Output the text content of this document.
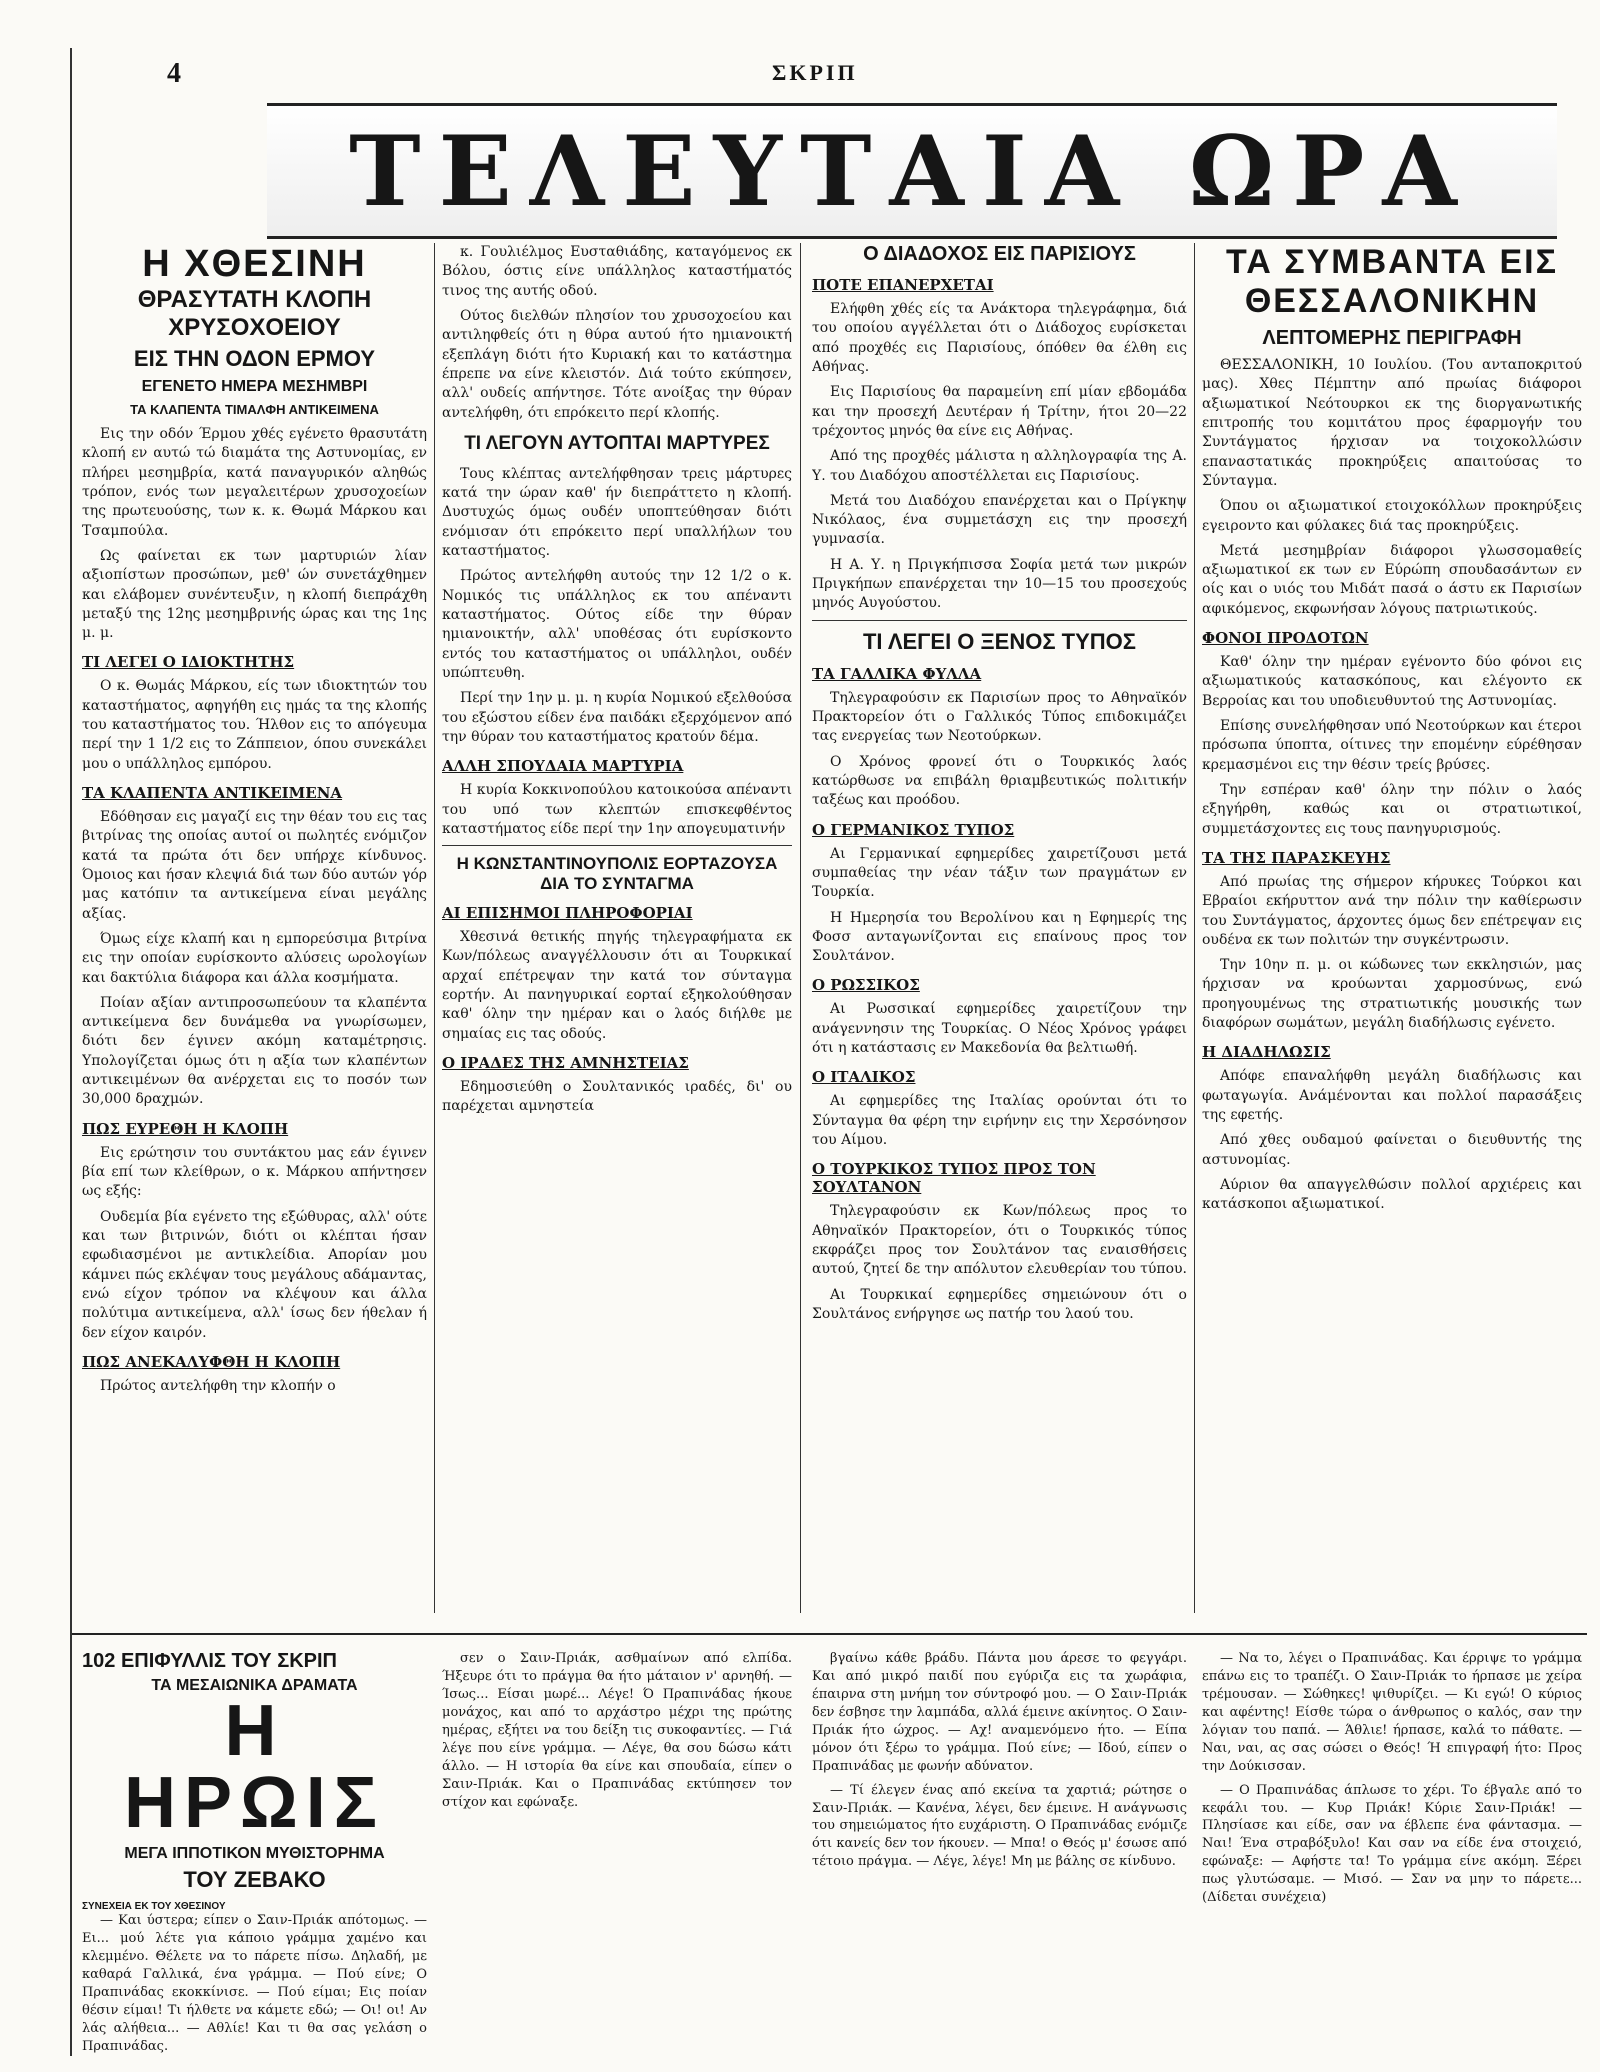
4	ΣΚΡΙΠ
ΤΕΛΕΥΤΑΙΑ ΩΡΑ
Η ΧΘΕΣΙΝΗ
ΘΡΑΣΥΤΑΤΗ ΚΛΟΠΗ ΧΡΥΣΟΧΟΕΙΟΥ
ΕΙΣ ΤΗΝ ΟΔΟΝ ΕΡΜΟΥ
ΕΓΕΝΕΤΟ ΗΜΕΡΑ ΜΕΣΗΜΒΡΙ
ΤΑ ΚΛΑΠΕΝΤΑ ΤΙΜΑΛΦΗ ΑΝΤΙΚΕΙΜΕΝΑ

Εις την οδόν Έρμου χθές εγένετο θρασυτάτη κλοπή εν αυτώ τώ διαμάτα της Αστυνομίας, εν πλήρει μεσημβρία, κατά παναγυρικόν αληθώς τρόπον, ενός των μεγαλειτέρων χρυσοχοείων της πρωτευούσης, των κ. κ. Θωμά Μάρκου και Τσαμπούλα.

Ως φαίνεται εκ των μαρτυριών λίαν αξιοπίστων προσώπων, μεθ' ών συνετάχθημεν και ελάβομεν συνέντευξιν, η κλοπή διεπράχθη μεταξύ της 12ης μεσημβρινής ώρας και της 1ης μ. μ.

ΤΙ ΛΕΓΕΙ Ο ΙΔΙΟΚΤΗΤΗΣ

Ο κ. Θωμάς Μάρκου, είς των ιδιοκτητών του καταστήματος, αφηγήθη εις ημάς τα της κλοπής του καταστήματος του. Ήλθον εις το απόγευμα περί την 1 1/2 εις το Ζάππειον, όπου συνεκάλει μου ο υπάλληλος εμπόρου.

ΤΑ ΚΛΑΠΕΝΤΑ ΑΝΤΙΚΕΙΜΕΝΑ

Εδόθησαν εις μαγαζί εις την θέαν του εις τας βιτρίνας της οποίας αυτοί οι πωλητές ενόμιζον κατά τα πρώτα ότι δεν υπήρχε κίνδυνος. Όμοιος και ήσαν κλεψιά διά των δύο αυτών γόρ μας κατόπιν τα αντικείμενα είναι μεγάλης αξίας.

Όμως είχε κλαπή και η εμπορεύσιμα βιτρίνα εις την οποίαν ευρίσκοντο αλύσεις ωρολογίων και δακτύλια διάφορα και άλλα κοσμήματα.

Ποίαν αξίαν αντιπροσωπεύουν τα κλαπέντα αντικείμενα δεν δυνάμεθα να γνωρίσωμεν, διότι δεν έγινεν ακόμη καταμέτρησις. Υπολογίζεται όμως ότι η αξία των κλαπέντων αντικειμένων θα ανέρχεται εις το ποσόν των 30,000 δραχμών.

ΠΩΣ ΕΥΡΕΘΗ Η ΚΛΟΠΗ

Εις ερώτησιν του συντάκτου μας εάν έγινεν βία επί των κλείθρων, ο κ. Μάρκου απήντησεν ως εξής:

Ουδεμία βία εγένετο της εξώθυρας, αλλ' ούτε και των βιτρινών, διότι οι κλέπται ήσαν εφωδιασμένοι με αντικλείδια. Απορίαν μου κάμνει πώς εκλέψαν τους μεγάλους αδάμαντας, ενώ είχον τρόπον να κλέψουν και άλλα πολύτιμα αντικείμενα, αλλ' ίσως δεν ήθελαν ή δεν είχον καιρόν.

ΠΩΣ ΑΝΕΚΑΛΥΦΘΗ Η ΚΛΟΠΗ

Πρώτος αντελήφθη την κλοπήν ο

κ. Γουλιέλμος Ευσταθιάδης, καταγόμενος εκ Βόλου, όστις είνε υπάλληλος καταστήματός τινος της αυτής οδού.

Ούτος διελθών πλησίον του χρυσοχοείου και αντιληφθείς ότι η θύρα αυτού ήτο ημιανοικτή εξεπλάγη διότι ήτο Κυριακή και το κατάστημα έπρεπε να είνε κλειστόν. Διά τούτο εκύπησεν, αλλ' ουδείς απήντησε. Τότε ανοίξας την θύραν αντελήφθη, ότι επρόκειτο περί κλοπής.

ΤΙ ΛΕΓΟΥΝ ΑΥΤΟΠΤΑΙ ΜΑΡΤΥΡΕΣ

Τους κλέπτας αντελήφθησαν τρεις μάρτυρες κατά την ώραν καθ' ήν διεπράττετο η κλοπή. Δυστυχώς όμως ουδέν υποπτεύθησαν διότι ενόμισαν ότι επρόκειτο περί υπαλλήλων του καταστήματος.

Πρώτος αντελήφθη αυτούς την 12 1/2 ο κ. Νομικός τις υπάλληλος εκ του απέναντι καταστήματος. Ούτος είδε την θύραν ημιανοικτήν, αλλ' υποθέσας ότι ευρίσκοντο εντός του καταστήματος οι υπάλληλοι, ουδέν υπώπτευθη.

Περί την 1ην μ. μ. η κυρία Νομικού εξελθούσα του εξώστου είδεν ένα παιδάκι εξερχόμενον από την θύραν του καταστήματος κρατούν δέμα.

ΑΛΛΗ ΣΠΟΥΔΑΙΑ ΜΑΡΤΥΡΙΑ

Η κυρία Κοκκινοπούλου κατοικούσα απέναντι του υπό των κλεπτών επισκεφθέντος καταστήματος είδε περί την 1ην απογευματινήν

Η ΚΩΝΣΤΑΝΤΙΝΟΥΠΟΛΙΣ ΕΟΡΤΑΖΟΥΣΑ ΔΙΑ ΤΟ ΣΥΝΤΑΓΜΑ
ΑΙ ΕΠΙΣΗΜΟΙ ΠΛΗΡΟΦΟΡΙΑΙ

Χθεσινά θετικής πηγής τηλεγραφήματα εκ Κων/πόλεως αναγγέλλουσιν ότι αι Τουρκικαί αρχαί επέτρεψαν την κατά τον σύνταγμα εορτήν. Αι πανηγυρικαί εορταί εξηκολούθησαν καθ' όλην την ημέραν και ο λαός διήλθε με σημαίας εις τας οδούς.

Ο ΙΡΑΔΕΣ ΤΗΣ ΑΜΝΗΣΤΕΙΑΣ

Εδημοσιεύθη ο Σουλτανικός ιραδές, δι' ου παρέχεται αμνηστεία

Ο ΔΙΑΔΟΧΟΣ ΕΙΣ ΠΑΡΙΣΙΟΥΣ
ΠΟΤΕ ΕΠΑΝΕΡΧΕΤΑΙ

Ελήφθη χθές είς τα Ανάκτορα τηλεγράφημα, διά του οποίου αγγέλλεται ότι ο Διάδοχος ευρίσκεται από προχθές εις Παρισίους, όπόθεν θα έλθη εις Αθήνας.

Εις Παρισίους θα παραμείνη επί μίαν εβδομάδα και την προσεχή Δευτέραν ή Τρίτην, ήτοι 20—22 τρέχοντος μηνός θα είνε εις Αθήνας.

Από της προχθές μάλιστα η αλληλογραφία της Α. Υ. του Διαδόχου αποστέλλεται εις Παρισίους.

Μετά του Διαδόχου επανέρχεται και ο Πρίγκηψ Νικόλαος, ένα συμμετάσχη εις την προσεχή γυμνασία.

Η Α. Υ. η Πριγκήπισσα Σοφία μετά των μικρών Πριγκήπων επανέρχεται την 10—15 του προσεχούς μηνός Αυγούστου.

ΤΙ ΛΕΓΕΙ Ο ΞΕΝΟΣ ΤΥΠΟΣ
ΤΑ ΓΑΛΛΙΚΑ ΦΥΛΛΑ

Τηλεγραφούσιν εκ Παρισίων προς το Αθηναϊκόν Πρακτορείον ότι ο Γαλλικός Τύπος επιδοκιμάζει τας ενεργείας των Νεοτούρκων.

Ο Χρόνος φρονεί ότι ο Τουρκικός λαός κατώρθωσε να επιβάλη θριαμβευτικώς πολιτικήν ταξέως και προόδου.

Ο ΓΕΡΜΑΝΙΚΟΣ ΤΥΠΟΣ

Αι Γερμανικαί εφημερίδες χαιρετίζουσι μετά συμπαθείας την νέαν τάξιν των πραγμάτων εν Τουρκία.

Η Ημερησία του Βερολίνου και η Εφημερίς της Φοσσ ανταγωνίζονται εις επαίνους προς τον Σουλτάνον.

Ο ΡΩΣΣΙΚΟΣ

Αι Ρωσσικαί εφημερίδες χαιρετίζουν την ανάγεννησιν της Τουρκίας. Ο Νέος Χρόνος γράφει ότι η κατάστασις εν Μακεδονία θα βελτιωθή.

Ο ΙΤΑΛΙΚΟΣ

Αι εφημερίδες της Ιταλίας ορούνται ότι το Σύνταγμα θα φέρη την ειρήνην εις την Χερσόνησον του Αίμου.

Ο ΤΟΥΡΚΙΚΟΣ ΤΥΠΟΣ ΠΡΟΣ ΤΟΝ ΣΟΥΛΤΑΝΟΝ

Τηλεγραφούσιν εκ Κων/πόλεως προς το Αθηναϊκόν Πρακτορείον, ότι ο Τουρκικός τύπος εκφράζει προς τον Σουλτάνον τας εναισθήσεις αυτού, ζητεί δε την απόλυτον ελευθερίαν του τύπου.

Αι Τουρκικαί εφημερίδες σημειώνουν ότι ο Σουλτάνος ενήργησε ως πατήρ του λαού του.

ΤΑ ΣΥΜΒΑΝΤΑ ΕΙΣ ΘΕΣΣΑΛΟΝΙΚΗΝ
ΛΕΠΤΟΜΕΡΗΣ ΠΕΡΙΓΡΑΦΗ

ΘΕΣΣΑΛΟΝΙΚΗ, 10 Ιουλίου. (Του ανταποκριτού μας). Χθες Πέμπτην από πρωίας διάφοροι αξιωματικοί Νεότουρκοι εκ της διοργανωτικής επιτροπής του κομιτάτου προς έφαρμογήν του Συντάγματος ήρχισαν να τοιχοκολλώσιν επαναστατικάς προκηρύξεις απαιτούσας το Σύνταγμα.

Όπου οι αξιωματικοί ετοιχοκόλλων προκηρύξεις εγειροντο και φύλακες διά τας προκηρύξεις.

Μετά μεσημβρίαν διάφοροι γλωσσομαθείς αξιωματικοί εκ των εν Εύρώπη σπουδασάντων εν οίς και ο υιός του Μιδάτ πασά ο άστυ εκ Παρισίων αφικόμενος, εκφωνήσαν λόγους πατριωτικούς.

ΦΟΝΟΙ ΠΡΟΔΟΤΩΝ

Καθ' όλην την ημέραν εγένοντο δύο φόνοι εις αξιωματικούς κατασκόπους, και ελέγοντο εκ Βερροίας και του υποδιευθυντού της Αστυνομίας.

Επίσης συνελήφθησαν υπό Νεοτούρκων και έτεροι πρόσωπα ύποπτα, οίτινες την επομένην εύρέθησαν κρεμασμένοι εις την θέσιν τρείς βρύσες.

Την εσπέραν καθ' όλην την πόλιν ο λαός εξηγήρθη, καθώς και οι στρατιωτικοί, συμμετάσχοντες εις τους πανηγυρισμούς.

ΤΑ ΤΗΣ ΠΑΡΑΣΚΕΥΗΣ

Από πρωίας της σήμερον κήρυκες Τούρκοι και Εβραίοι εκήρυττον ανά την πόλιν την καθίερωσιν του Συντάγματος, άρχοντες όμως δεν επέτρεψαν εις ουδένα εκ των πολιτών την συγκέντρωσιν.

Την 10ην π. μ. οι κώδωνες των εκκλησιών, μας ήρχισαν να κρούωνται χαρμοσύνως, ενώ προηγουμένως της στρατιωτικής μουσικής των διαφόρων σωμάτων, μεγάλη διαδήλωσις εγένετο.

Η ΔΙΑΔΗΛΩΣΙΣ

Απόφε επαναλήφθη μεγάλη διαδήλωσις και φωταγωγία. Ανάμένονται και πολλοί παρασάξεις της εφετής.

Από χθες ουδαμού φαίνεται ο διευθυντής της αστυνομίας.

Αύριον θα απαγγελθώσιν πολλοί αρχιέρεις και κατάσκοποι αξιωματικοί.

102 ΕΠΙΦΥΛΛΙΣ ΤΟΥ ΣΚΡΙΠ
ΤΑ ΜΕΣΑΙΩΝΙΚΑ ΔΡΑΜΑΤΑ
Η ΗΡΩΙΣ
ΜΕΓΑ ΙΠΠΟΤΙΚΟΝ ΜΥΘΙΣΤΟΡΗΜΑ
ΤΟΥ ΖΕΒΑΚΟ
ΣΥΝΕΧΕΙΑ ΕΚ ΤΟΥ ΧΘΕΣΙΝΟΥ

— Και ύστερα; είπεν ο Σαιν-Πριάκ απότομως. — Ει... μού λέτε για κάποιο γράμμα χαμένο και κλεμμένο. Θέλετε να το πάρετε πίσω. Δηλαδή, με καθαρά Γαλλικά, ένα γράμμα. — Πού είνε; Ο Πραπινάδας εκοκκίνισε. — Πού είμαι; Εις ποίαν θέσιν είμαι! Τι ήλθετε να κάμετε εδώ; — Οι! οι! Αν λάς αλήθεια... — Αθλίε! Και τι θα σας γελάση ο Πραπινάδας.

σεν ο Σαιν-Πριάκ, ασθμαίνων από ελπίδα. Ήξευρε ότι το πράγμα θα ήτο μάταιον ν' αρνηθή. — Ίσως... Είσαι μωρέ... Λέγε! Ό Πραπινάδας ήκουε μονάχος, και από το αρχάστρο μέχρι της πρώτης ημέρας, εξήτει να του δείξη τις συκοφαντίες. — Γιά λέγε που είνε γράμμα. — Λέγε, θα σου δώσω κάτι άλλο. — Η ιστορία θα είνε και σπουδαία, είπεν ο Σαιν-Πριάκ. Και ο Πραπινάδας εκτύπησεν τον στίχον και εφώναξε.

βγαίνω κάθε βράδυ. Πάντα μου άρεσε το φεγγάρι. Και από μικρό παιδί που εγύριζα εις τα χωράφια, έπαιρνα στη μνήμη τον σύντροφό μου. — Ο Σαιν-Πριάκ δεν έσβησε την λαμπάδα, αλλά έμεινε ακίνητος. Ο Σαιν-Πριάκ ήτο ώχρος. — Αχ! αναμενόμενο ήτο. — Είπα μόνον ότι ξέρω το γράμμα. Πού είνε; — Ιδού, είπεν ο Πραπινάδας με φωνήν αδύνατον.

— Τί έλεγεν ένας από εκείνα τα χαρτιά; ρώτησε ο Σαιν-Πριάκ. — Κανένα, λέγει, δεν έμεινε. Η ανάγνωσις του σημειώματος ήτο ευχάριστη. Ο Πραπινάδας ενόμιζε ότι κανείς δεν τον ήκουεν. — Μπα! ο Θεός μ' έσωσε από τέτοιο πράγμα. — Λέγε, λέγε! Μη με βάλης σε κίνδυνο.

— Να το, λέγει ο Πραπινάδας. Και έρριψε το γράμμα επάνω εις το τραπέζι. Ο Σαιν-Πριάκ το ήρπασε με χείρα τρέμουσαν. — Σώθηκες! ψιθυρίζει. — Κι εγώ! Ο κύριος και αφέντης! Είσθε τώρα ο άνθρωπος ο καλός, σαν την λόγιαν του παπά. — Άθλιε! ήρπασε, καλά το πάθατε. — Ναι, ναι, ας σας σώσει ο Θεός! Ή επιγραφή ήτο: Προς την Δούκισσαν.

— Ο Πραπινάδας άπλωσε το χέρι. Το έβγαλε από το κεφάλι του. — Κυρ Πριάκ! Κύριε Σαιν-Πριάκ! — Πλησίασε και είδε, σαν να έβλεπε ένα φάντασμα. — Ναι! Ένα στραβόξυλο! Και σαν να είδε ένα στοιχειό, εφώναξε: — Αφήστε τα! Το γράμμα είνε ακόμη. Ξέρει πως γλυτώσαμε. — Μισό. — Σαν να μην το πάρετε... (Δίδεται συνέχεια)
